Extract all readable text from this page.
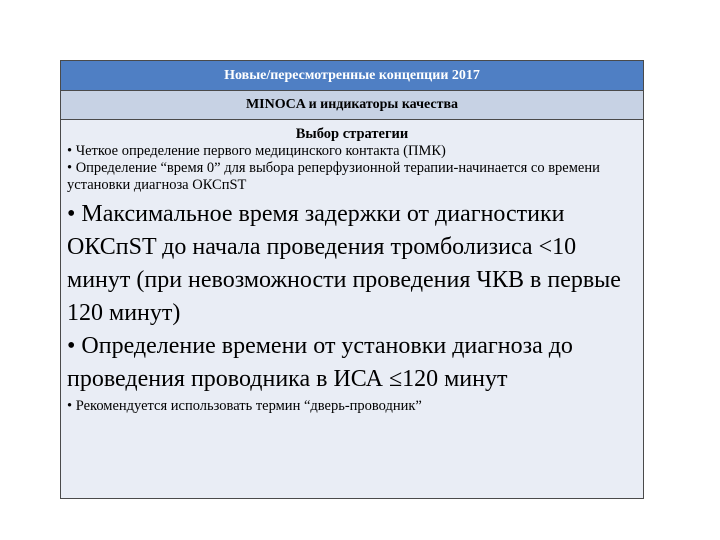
Новые/пересмотренные концепции 2017
MINOCA и индикаторы качества
Выбор стратегии
• Четкое определение первого медицинского контакта (ПМК)
• Определение “время 0” для выбора реперфузионной терапии-начинается со времени установки диагноза ОКСпST
• Максимальное время задержки от диагностики ОКСпST до начала проведения тромболизиса <10 минут (при невозможности проведения ЧКВ в первые 120 минут)
• Определение времени от установки диагноза до проведения проводника в ИСА ≤120 минут
• Рекомендуется использовать термин “дверь-проводник”
